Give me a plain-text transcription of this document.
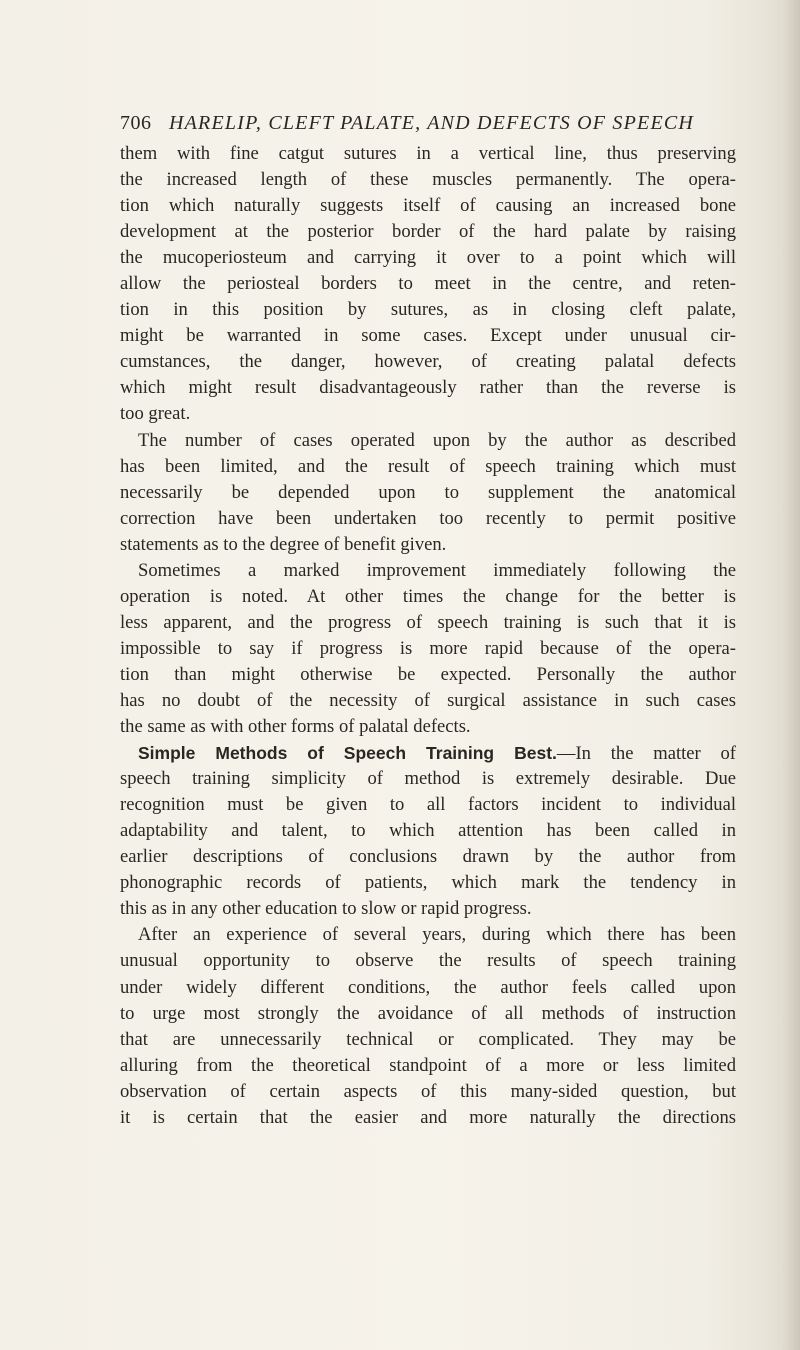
706 HARELIP, CLEFT PALATE, AND DEFECTS OF SPEECH
them with fine catgut sutures in a vertical line, thus preserving
the increased length of these muscles permanently. The opera-
tion which naturally suggests itself of causing an increased bone
development at the posterior border of the hard palate by raising
the mucoperiosteum and carrying it over to a point which will
allow the periosteal borders to meet in the centre, and reten-
tion in this position by sutures, as in closing cleft palate,
might be warranted in some cases. Except under unusual cir-
cumstances, the danger, however, of creating palatal defects
which might result disadvantageously rather than the reverse is
too great.
The number of cases operated upon by the author as described
has been limited, and the result of speech training which must
necessarily be depended upon to supplement the anatomical
correction have been undertaken too recently to permit positive
statements as to the degree of benefit given.
Sometimes a marked improvement immediately following the
operation is noted. At other times the change for the better is
less apparent, and the progress of speech training is such that it is
impossible to say if progress is more rapid because of the opera-
tion than might otherwise be expected. Personally the author
has no doubt of the necessity of surgical assistance in such cases
the same as with other forms of palatal defects.
Simple Methods of Speech Training Best.—In the matter of
speech training simplicity of method is extremely desirable. Due
recognition must be given to all factors incident to individual
adaptability and talent, to which attention has been called in
earlier descriptions of conclusions drawn by the author from
phonographic records of patients, which mark the tendency in
this as in any other education to slow or rapid progress.
After an experience of several years, during which there has been
unusual opportunity to observe the results of speech training
under widely different conditions, the author feels called upon
to urge most strongly the avoidance of all methods of instruction
that are unnecessarily technical or complicated. They may be
alluring from the theoretical standpoint of a more or less limited
observation of certain aspects of this many-sided question, but
it is certain that the easier and more naturally the directions
